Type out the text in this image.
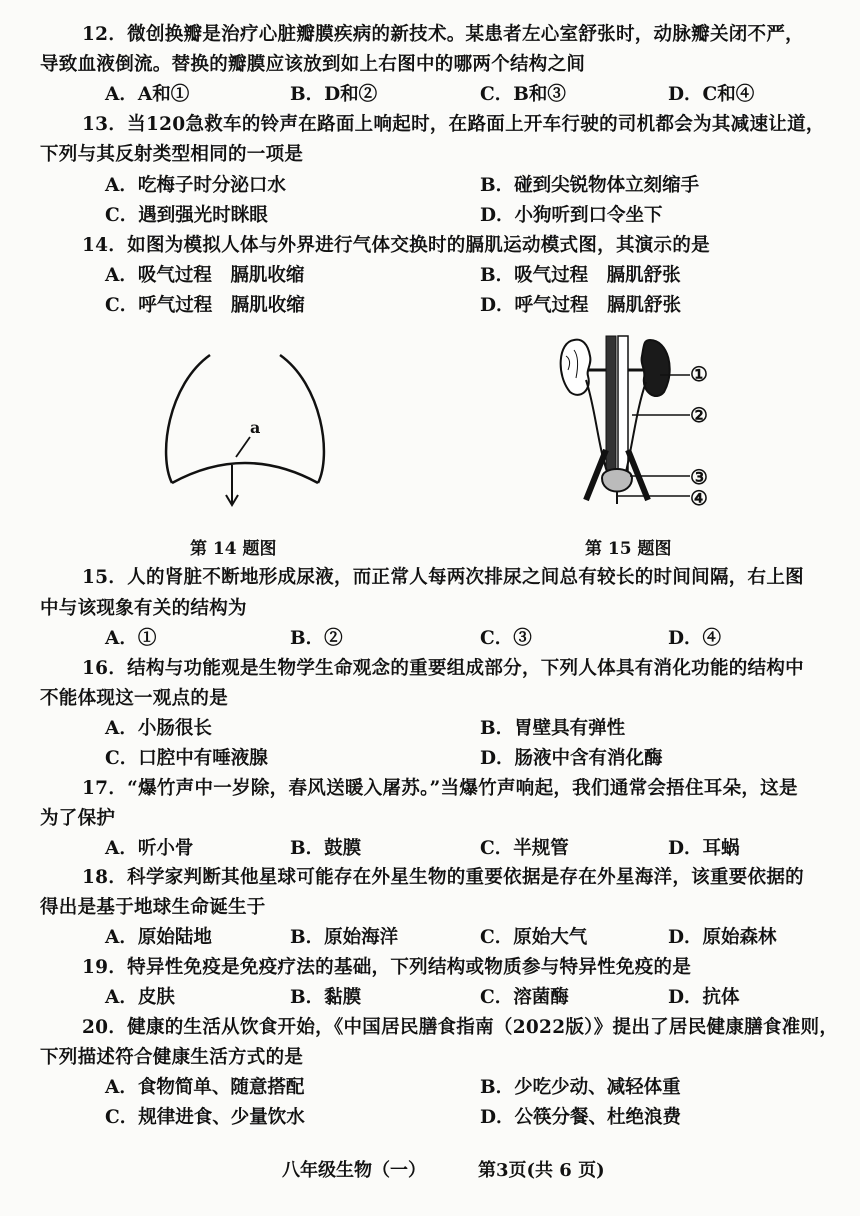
12．微创换瓣是治疗心脏瓣膜疾病的新技术。某患者左心室舒张时，动脉瓣关闭不严，
导致血液倒流。替换的瓣膜应该放到如上右图中的哪两个结构之间
A．A和①	B．D和②	C．B和③	D．C和④
13．当120急救车的铃声在路面上响起时，在路面上开车行驶的司机都会为其减速让道，
下列与其反射类型相同的一项是
A．吃梅子时分泌口水	B．碰到尖锐物体立刻缩手
C．遇到强光时眯眼	D．小狗听到口令坐下
14．如图为模拟人体与外界进行气体交换时的膈肌运动模式图，其演示的是
A．吸气过程　膈肌收缩	B．吸气过程　膈肌舒张
C．呼气过程　膈肌收缩	D．呼气过程　膈肌舒张
a
第 14 题图
①
②
③
④
第 15 题图
15．人的肾脏不断地形成尿液，而正常人每两次排尿之间总有较长的时间间隔，右上图
中与该现象有关的结构为
A．①	B．②	C．③	D．④
16．结构与功能观是生物学生命观念的重要组成部分，下列人体具有消化功能的结构中
不能体现这一观点的是
A．小肠很长	B．胃壁具有弹性
C．口腔中有唾液腺	D．肠液中含有消化酶
17．“爆竹声中一岁除，春风送暖入屠苏。”当爆竹声响起，我们通常会捂住耳朵，这是
为了保护
A．听小骨	B．鼓膜	C．半规管	D．耳蜗
18．科学家判断其他星球可能存在外星生物的重要依据是存在外星海洋，该重要依据的
得出是基于地球生命诞生于
A．原始陆地	B．原始海洋	C．原始大气	D．原始森林
19．特异性免疫是免疫疗法的基础，下列结构或物质参与特异性免疫的是
A．皮肤	B．黏膜	C．溶菌酶	D．抗体
20．健康的生活从饮食开始，《中国居民膳食指南（2022版）》提出了居民健康膳食准则，
下列描述符合健康生活方式的是
A．食物简单、随意搭配	B．少吃少动、减轻体重
C．规律进食、少量饮水	D．公筷分餐、杜绝浪费
八年级生物（一）	第3页(共 6 页)
